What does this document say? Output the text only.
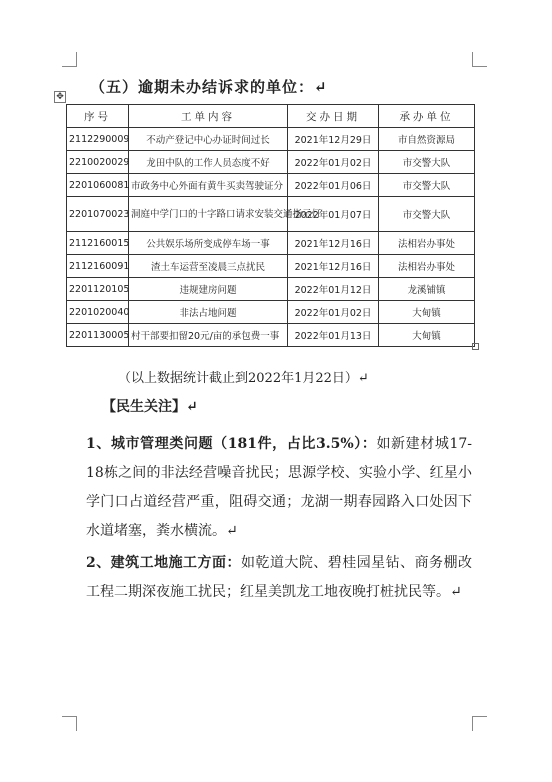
（五）逾期未办结诉求的单位：↵
✥
序号	工单内容	交办日期	承办单位
2112290009	不动产登记中心办证时间过长	2021年12月29日	市自然资源局
2210020029	龙田中队的工作人员态度不好	2022年01月02日	市交警大队
2201060081	市政务中心外面有黄牛买卖驾驶证分	2022年01月06日	市交警大队
2201070023	洞庭中学门口的十字路口请求安装交通指示灯	2022年01月07日	市交警大队
2112160015	公共娱乐场所变成停车场一事	2021年12月16日	法相岩办事处
2112160091	渣土车运营至凌晨三点扰民	2021年12月16日	法相岩办事处
2201120105	违规建房问题	2022年01月12日	龙溪铺镇
2201020040	非法占地问题	2022年01月02日	大甸镇
2201130005	村干部要扣留20元/亩的承包费一事	2022年01月13日	大甸镇
（以上数据统计截止到2022年1月22日）↵
【民生关注】↵
1、城市管理类问题（181件，占比3.5%）：如新建材城17-18栋之间的非法经营噪音扰民；思源学校、实验小学、红星小学门口占道经营严重，阻碍交通；龙湖一期春园路入口处因下水道堵塞，粪水横流。↵
2、建筑工地施工方面：如乾道大院、碧桂园星钻、商务棚改工程二期深夜施工扰民；红星美凯龙工地夜晚打桩扰民等。↵
